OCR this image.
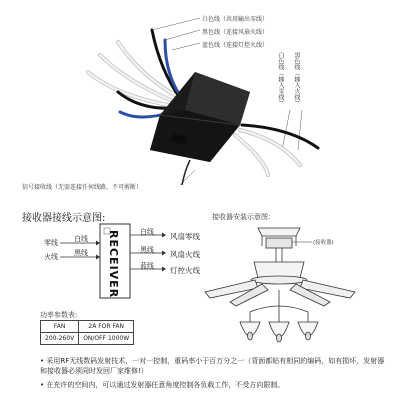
白色线（共用输出零线）
黑色线（连接风扇火线）
蓝色线（连接灯控火线）
白色线（输入零线） 黑色线（输入火线）
信号接收线（无需连接任何线路，不可剪断）
接收器接线示意图:
RECEIVER
零线
火线
白线
黑线
白线
黑线
蓝线
风扇零线
风扇火线
灯控火线
功率参数表:
FAN	2A FOR FAN
200-260V	ON/OFF 1000W
接收器安装示意图：
(接收器)
• 采用RF无线数码发射技术，一对一控制，重码率小于百万分之一（背面都贴有相同的编码，如有损坏，发射器和接收器必须同时发回厂家维修!）
• 在充许的空间内，可以通过发射器任意角度控制各负载工作，不受方向限制。
